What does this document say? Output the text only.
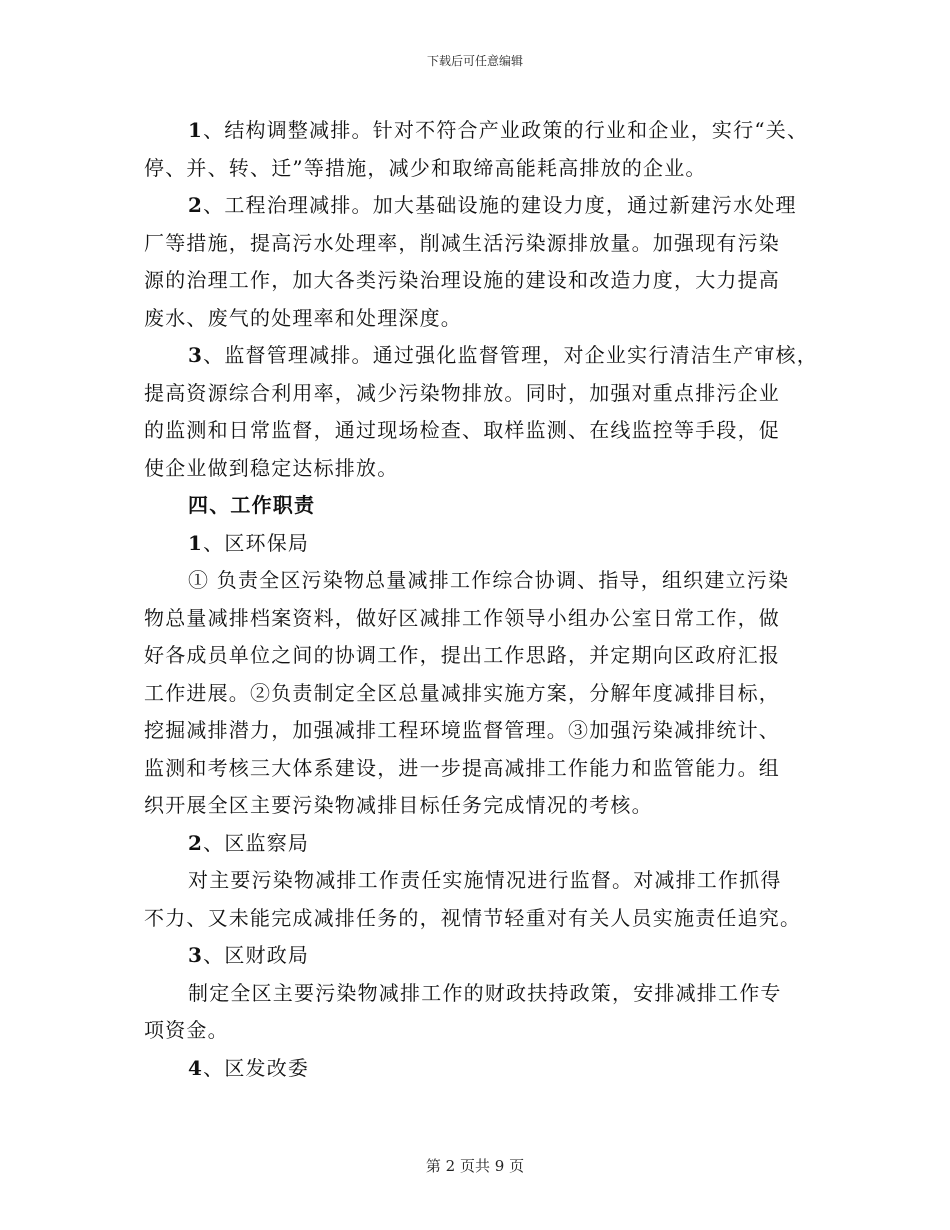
下载后可任意编辑
1、结构调整减排。针对不符合产业政策的行业和企业，实行“关、
停、并、转、迁”等措施，减少和取缔高能耗高排放的企业。
2、工程治理减排。加大基础设施的建设力度，通过新建污水处理
厂等措施，提高污水处理率，削减生活污染源排放量。加强现有污染
源的治理工作，加大各类污染治理设施的建设和改造力度，大力提高
废水、废气的处理率和处理深度。
3、监督管理减排。通过强化监督管理，对企业实行清洁生产审核，
提高资源综合利用率，减少污染物排放。同时，加强对重点排污企业
的监测和日常监督，通过现场检查、取样监测、在线监控等手段，促
使企业做到稳定达标排放。
四、工作职责
1、区环保局
① 负责全区污染物总量减排工作综合协调、指导，组织建立污染
物总量减排档案资料，做好区减排工作领导小组办公室日常工作，做
好各成员单位之间的协调工作，提出工作思路，并定期向区政府汇报
工作进展。②负责制定全区总量减排实施方案，分解年度减排目标，
挖掘减排潜力，加强减排工程环境监督管理。③加强污染减排统计、
监测和考核三大体系建设，进一步提高减排工作能力和监管能力。组
织开展全区主要污染物减排目标任务完成情况的考核。
2、区监察局
对主要污染物减排工作责任实施情况进行监督。对减排工作抓得
不力、又未能完成减排任务的，视情节轻重对有关人员实施责任追究。
3、区财政局
制定全区主要污染物减排工作的财政扶持政策，安排减排工作专
项资金。
4、区发改委
第 2 页共 9 页
